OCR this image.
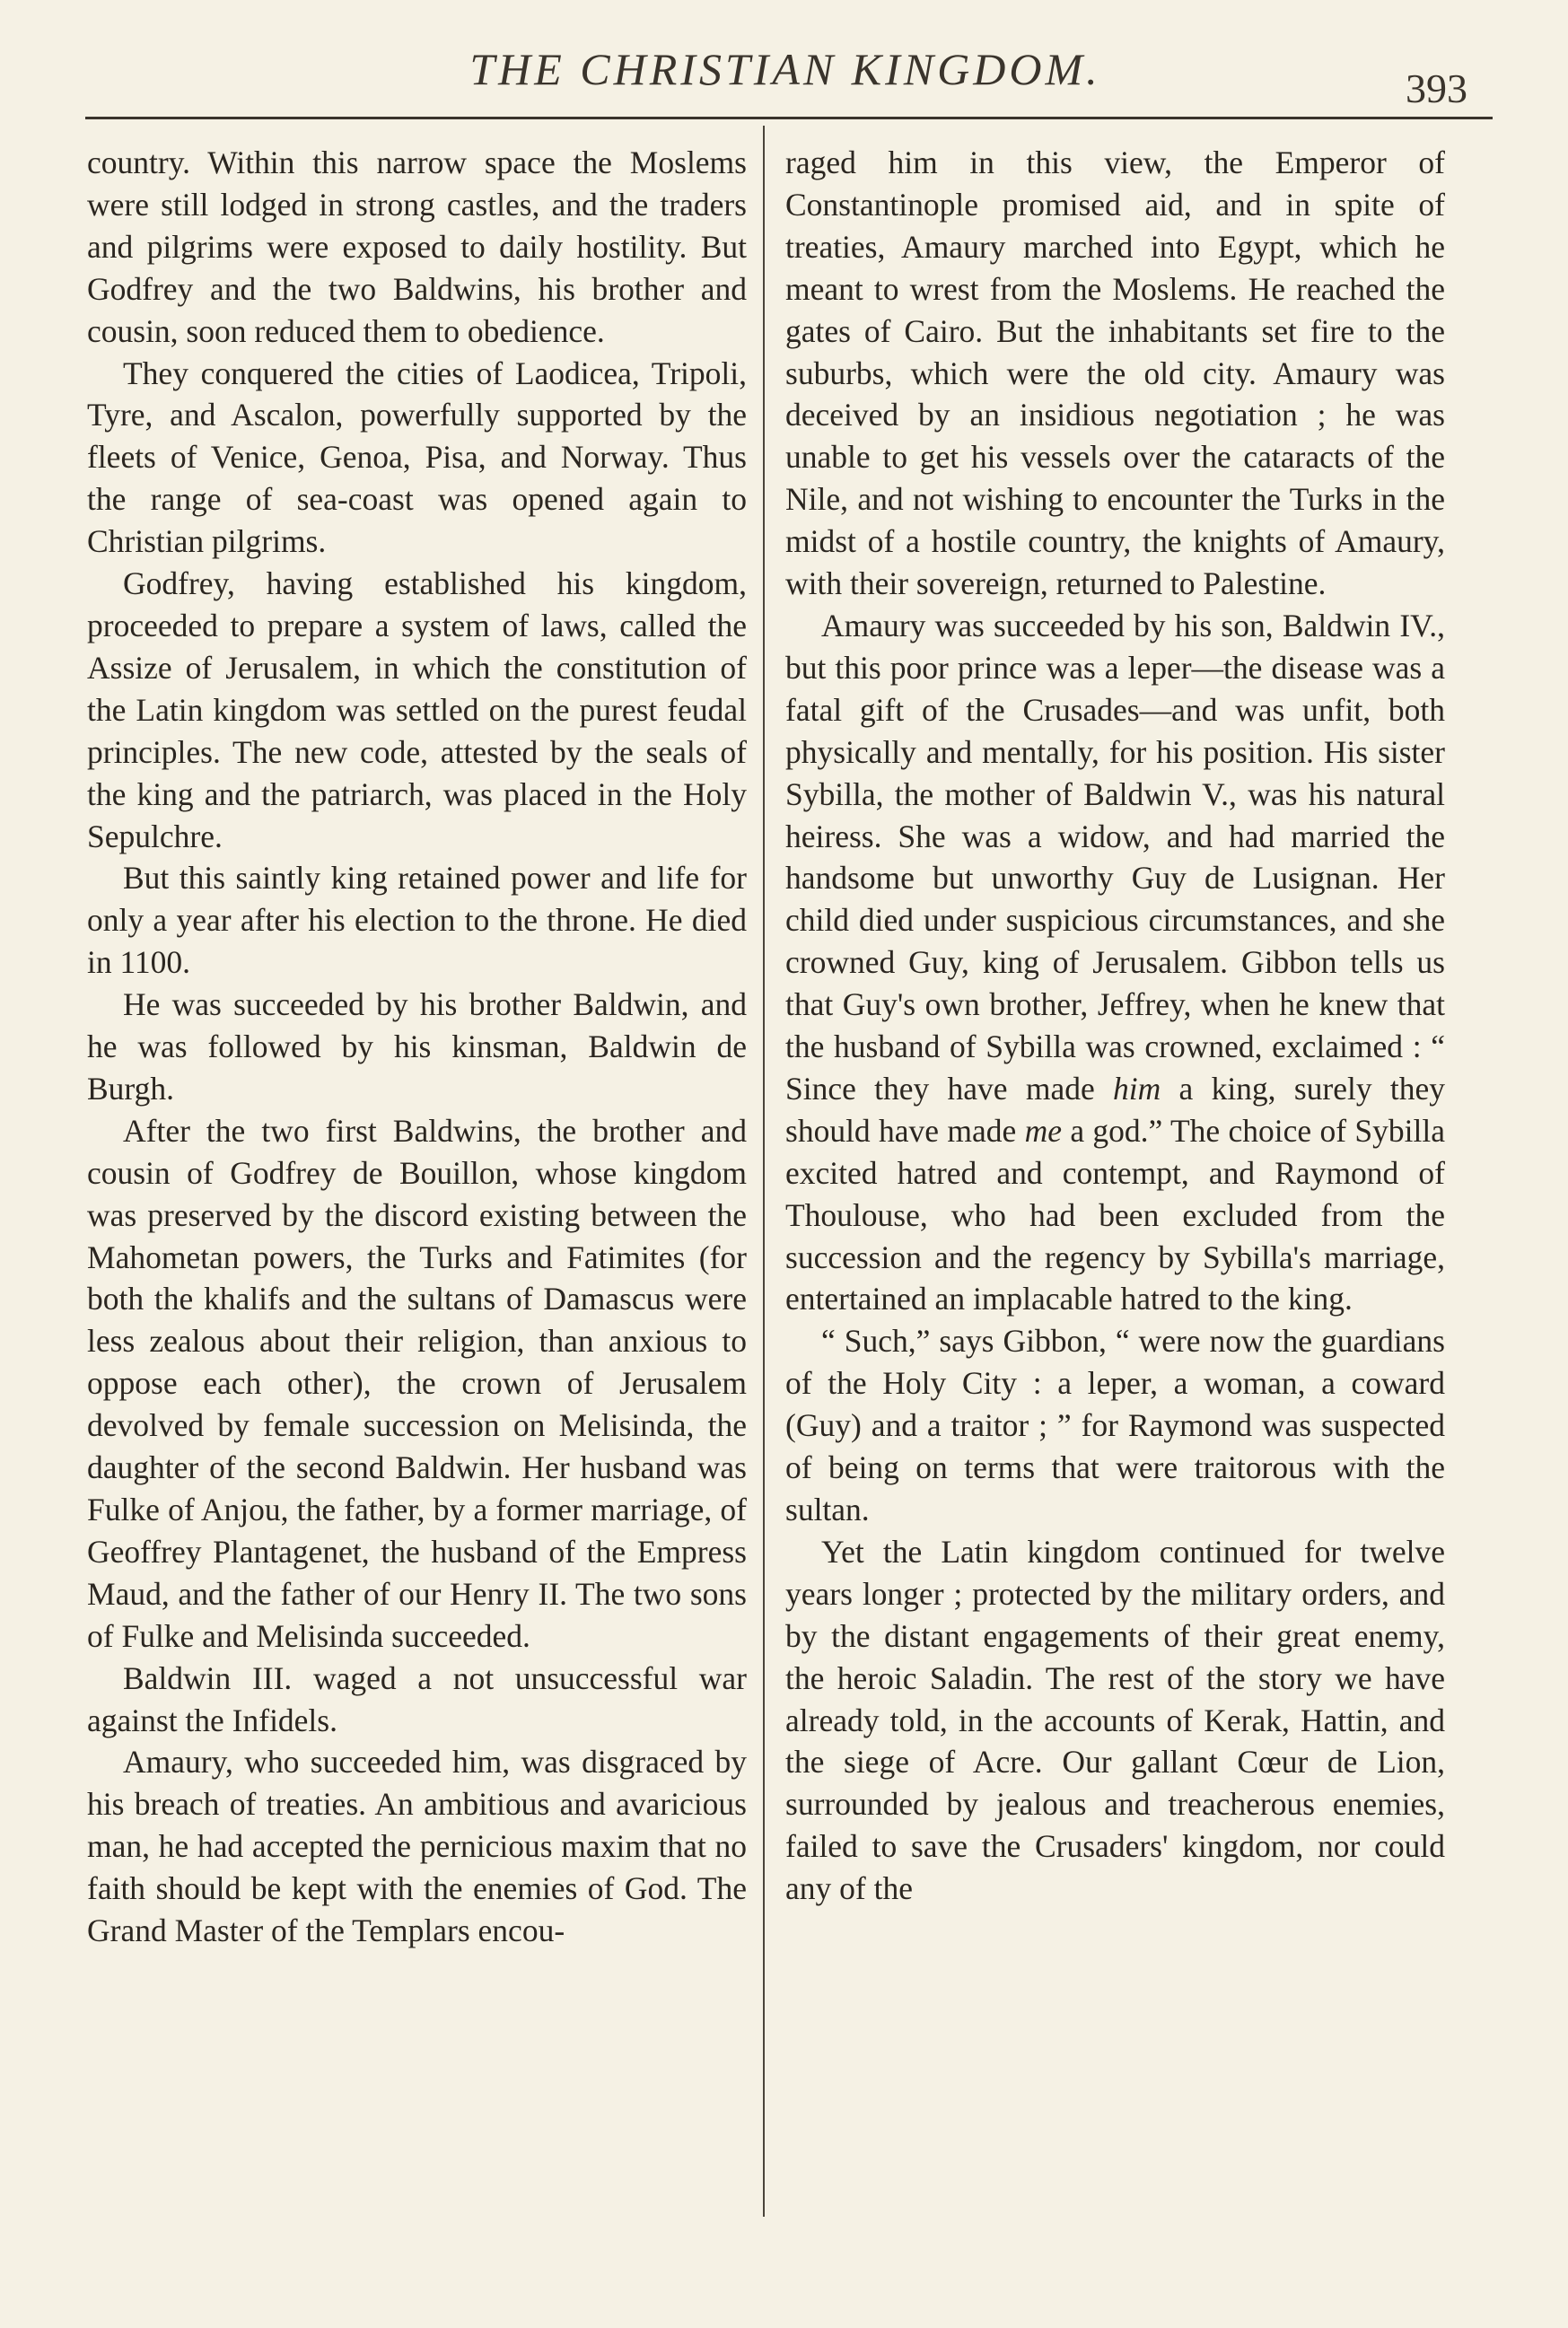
THE CHRISTIAN KINGDOM.	393

country. Within this narrow space the Moslems were still lodged in strong castles, and the traders and pilgrims were exposed to daily hostility. But Godfrey and the two Baldwins, his brother and cousin, soon reduced them to obedience.

They conquered the cities of Laodicea, Tripoli, Tyre, and Ascalon, powerfully supported by the fleets of Venice, Genoa, Pisa, and Norway. Thus the range of sea-coast was opened again to Christian pilgrims.

Godfrey, having established his kingdom, proceeded to prepare a system of laws, called the Assize of Jerusalem, in which the constitution of the Latin kingdom was settled on the purest feudal principles. The new code, attested by the seals of the king and the patriarch, was placed in the Holy Sepulchre.

But this saintly king retained power and life for only a year after his election to the throne. He died in 1100.

He was succeeded by his brother Baldwin, and he was followed by his kinsman, Baldwin de Burgh.

After the two first Baldwins, the brother and cousin of Godfrey de Bouillon, whose kingdom was preserved by the discord existing between the Mahometan powers, the Turks and Fatimites (for both the khalifs and the sultans of Damascus were less zealous about their religion, than anxious to oppose each other), the crown of Jerusalem devolved by female succession on Melisinda, the daughter of the second Baldwin. Her husband was Fulke of Anjou, the father, by a former marriage, of Geoffrey Plantagenet, the husband of the Empress Maud, and the father of our Henry II. The two sons of Fulke and Melisinda succeeded.

Baldwin III. waged a not unsuccessful war against the Infidels.

Amaury, who succeeded him, was disgraced by his breach of treaties. An ambitious and avaricious man, he had accepted the pernicious maxim that no faith should be kept with the enemies of God. The Grand Master of the Templars encou-

raged him in this view, the Emperor of Constantinople promised aid, and in spite of treaties, Amaury marched into Egypt, which he meant to wrest from the Moslems. He reached the gates of Cairo. But the inhabitants set fire to the suburbs, which were the old city. Amaury was deceived by an insidious negotiation ; he was unable to get his vessels over the cataracts of the Nile, and not wishing to encounter the Turks in the midst of a hostile country, the knights of Amaury, with their sovereign, returned to Palestine.

Amaury was succeeded by his son, Baldwin IV., but this poor prince was a leper—the disease was a fatal gift of the Crusades—and was unfit, both physically and mentally, for his position. His sister Sybilla, the mother of Baldwin V., was his natural heiress. She was a widow, and had married the handsome but unworthy Guy de Lusignan. Her child died under suspicious circumstances, and she crowned Guy, king of Jerusalem. Gibbon tells us that Guy's own brother, Jeffrey, when he knew that the husband of Sybilla was crowned, exclaimed : “ Since they have made him a king, surely they should have made me a god.” The choice of Sybilla excited hatred and contempt, and Raymond of Thoulouse, who had been excluded from the succession and the regency by Sybilla's marriage, entertained an implacable hatred to the king.

“ Such,” says Gibbon, “ were now the guardians of the Holy City : a leper, a woman, a coward (Guy) and a traitor ; ” for Raymond was suspected of being on terms that were traitorous with the sultan.

Yet the Latin kingdom continued for twelve years longer ; protected by the military orders, and by the distant engagements of their great enemy, the heroic Saladin. The rest of the story we have already told, in the accounts of Kerak, Hattin, and the siege of Acre. Our gallant Cœur de Lion, surrounded by jealous and treacherous enemies, failed to save the Crusaders' kingdom, nor could any of the
